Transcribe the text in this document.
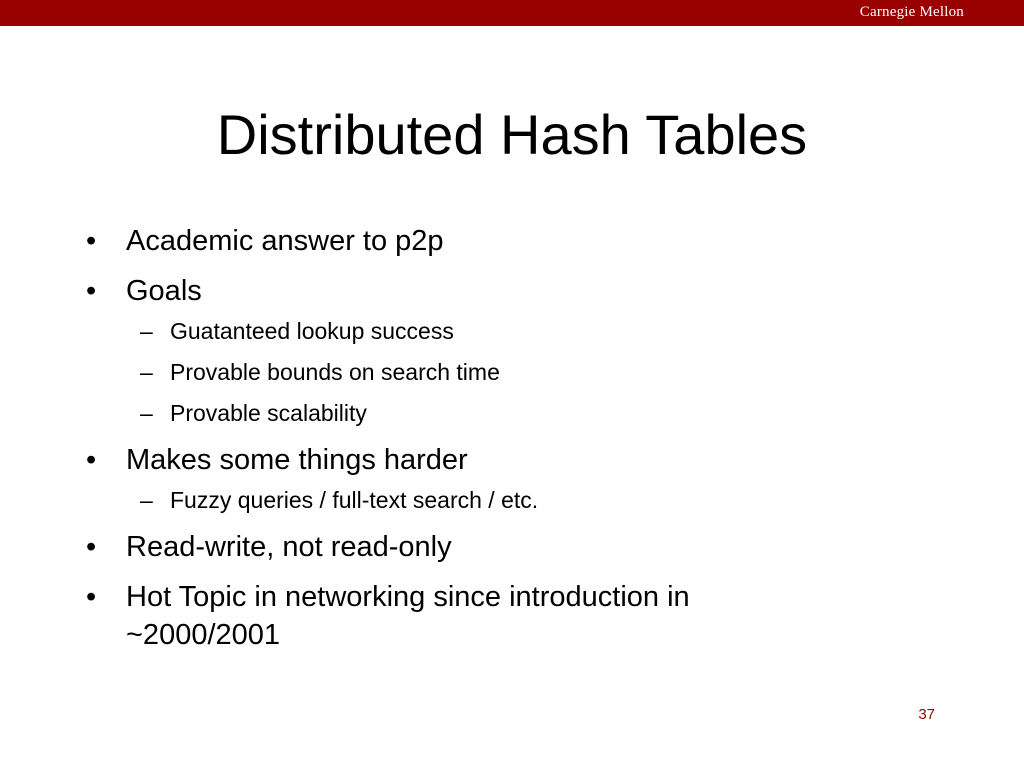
Carnegie Mellon
Distributed Hash Tables
• Academic answer to p2p
• Goals
– Guatanteed lookup success
– Provable bounds on search time
– Provable scalability
• Makes some things harder
– Fuzzy queries / full-text search / etc.
• Read-write, not read-only
• Hot Topic in networking since introduction in ~2000/2001
37
